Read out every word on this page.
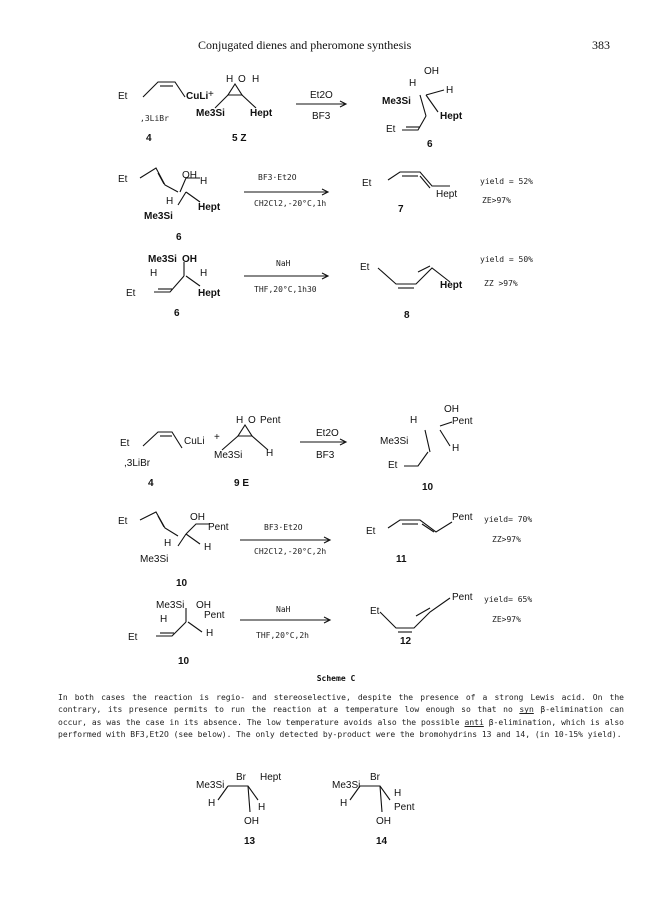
Conjugated dienes and pheromone synthesis	383
Et	CuLi
,3LiBr
+
H O H
Me3Si	Hept
Et2O
BF3
OH
H
H
Me3Si
Hept
Et
4	5 Z
6
Et	OH
H
H
Hept
Me3Si
6
BF3·Et2O
CH2Cl2,-20°C,1h
Et
Hept
yield = 52%
ZE>97%
7
Me3Si OH
H	H
Et	Hept
6
NaH
THF,20°C,1h30
Et
Hept
yield = 50%
ZZ >97%
8
Et	CuLi
,3LiBr
+
H O Pent
Me3Si H
Et2O
BF3
4	9 E
OH
H	Pent
Me3Si
H
Et
10
Et	OH
Pent
H	H
Me3Si
10
BF3·Et2O
CH2Cl2,-20°C,2h
Et
Pent yield= 70%
ZZ>97%
11
Me3Si OH
H	Pent
Et	H
10
NaH
THF,20°C,2h
Et
Pent yield= 65%
ZE>97%
12
Me3Si
Br Hept
H	H
OH
13
Me3Si
Br
H
H	Pent
OH
14
Scheme C
In both cases the reaction is regio- and stereoselective, despite the presence of a strong Lewis acid. On the contrary, its presence permits to run the reaction at a temperature low enough so that no syn β-elimination can occur, as was the case in its absence. The low temperature avoids also the possible anti β-elimination, which is also performed with BF3,Et2O (see below). The only detected by-product were the bromohydrins 13 and 14, (in 10-15% yield).
